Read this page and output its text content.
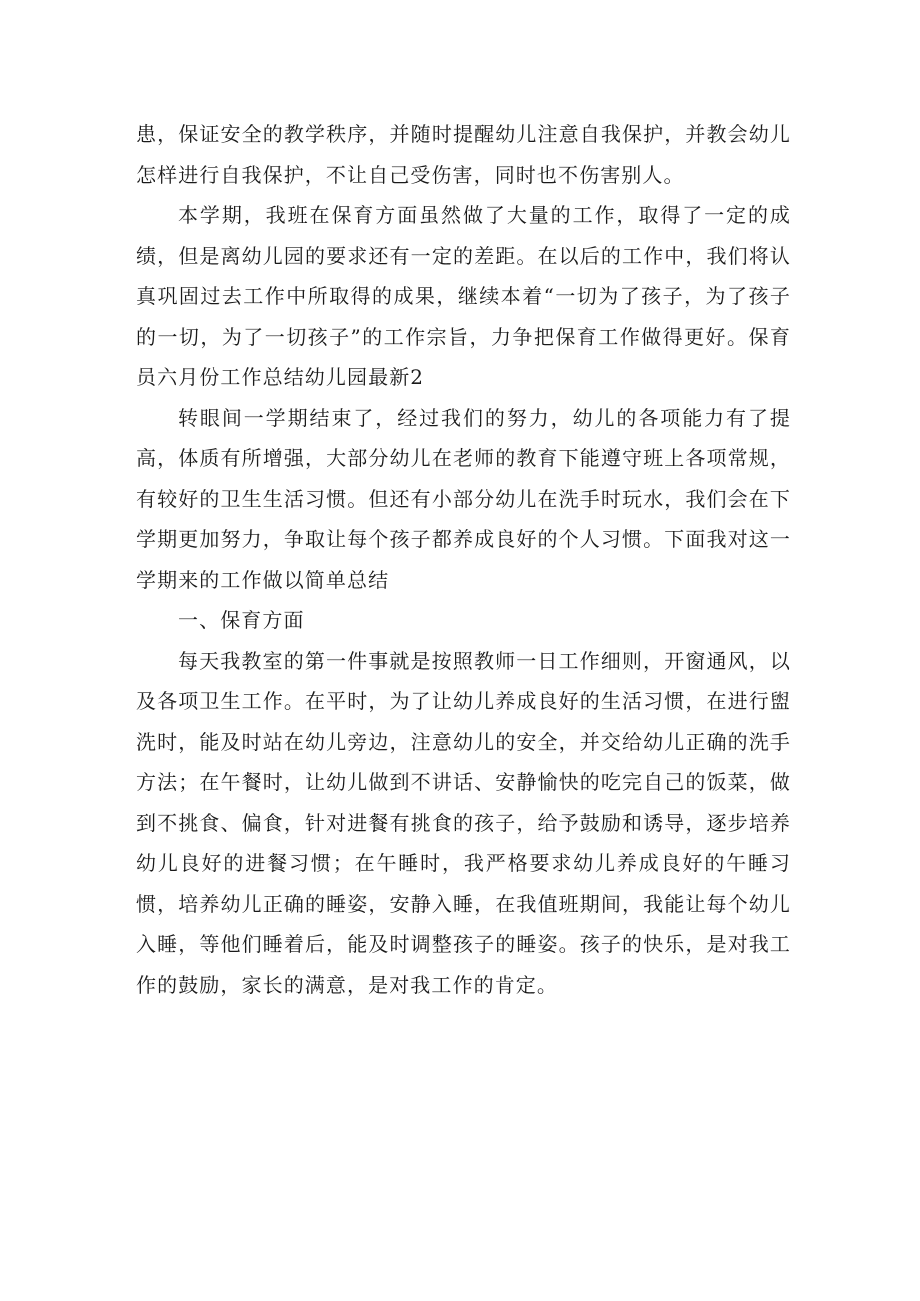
患，保证安全的教学秩序，并随时提醒幼儿注意自我保护，并教会幼儿怎样进行自我保护，不让自己受伤害，同时也不伤害别人。

本学期，我班在保育方面虽然做了大量的工作，取得了一定的成绩，但是离幼儿园的要求还有一定的差距。在以后的工作中，我们将认真巩固过去工作中所取得的成果，继续本着“一切为了孩子，为了孩子的一切，为了一切孩子”的工作宗旨，力争把保育工作做得更好。保育员六月份工作总结幼儿园最新2

转眼间一学期结束了，经过我们的努力，幼儿的各项能力有了提高，体质有所增强，大部分幼儿在老师的教育下能遵守班上各项常规，有较好的卫生生活习惯。但还有小部分幼儿在洗手时玩水，我们会在下学期更加努力，争取让每个孩子都养成良好的个人习惯。下面我对这一学期来的工作做以简单总结

一、保育方面

每天我教室的第一件事就是按照教师一日工作细则，开窗通风，以及各项卫生工作。在平时，为了让幼儿养成良好的生活习惯，在进行盥洗时，能及时站在幼儿旁边，注意幼儿的安全，并交给幼儿正确的洗手方法；在午餐时，让幼儿做到不讲话、安静愉快的吃完自己的饭菜，做到不挑食、偏食，针对进餐有挑食的孩子，给予鼓励和诱导，逐步培养幼儿良好的进餐习惯；在午睡时，我严格要求幼儿养成良好的午睡习惯，培养幼儿正确的睡姿，安静入睡，在我值班期间，我能让每个幼儿入睡，等他们睡着后，能及时调整孩子的睡姿。孩子的快乐，是对我工作的鼓励，家长的满意，是对我工作的肯定。
